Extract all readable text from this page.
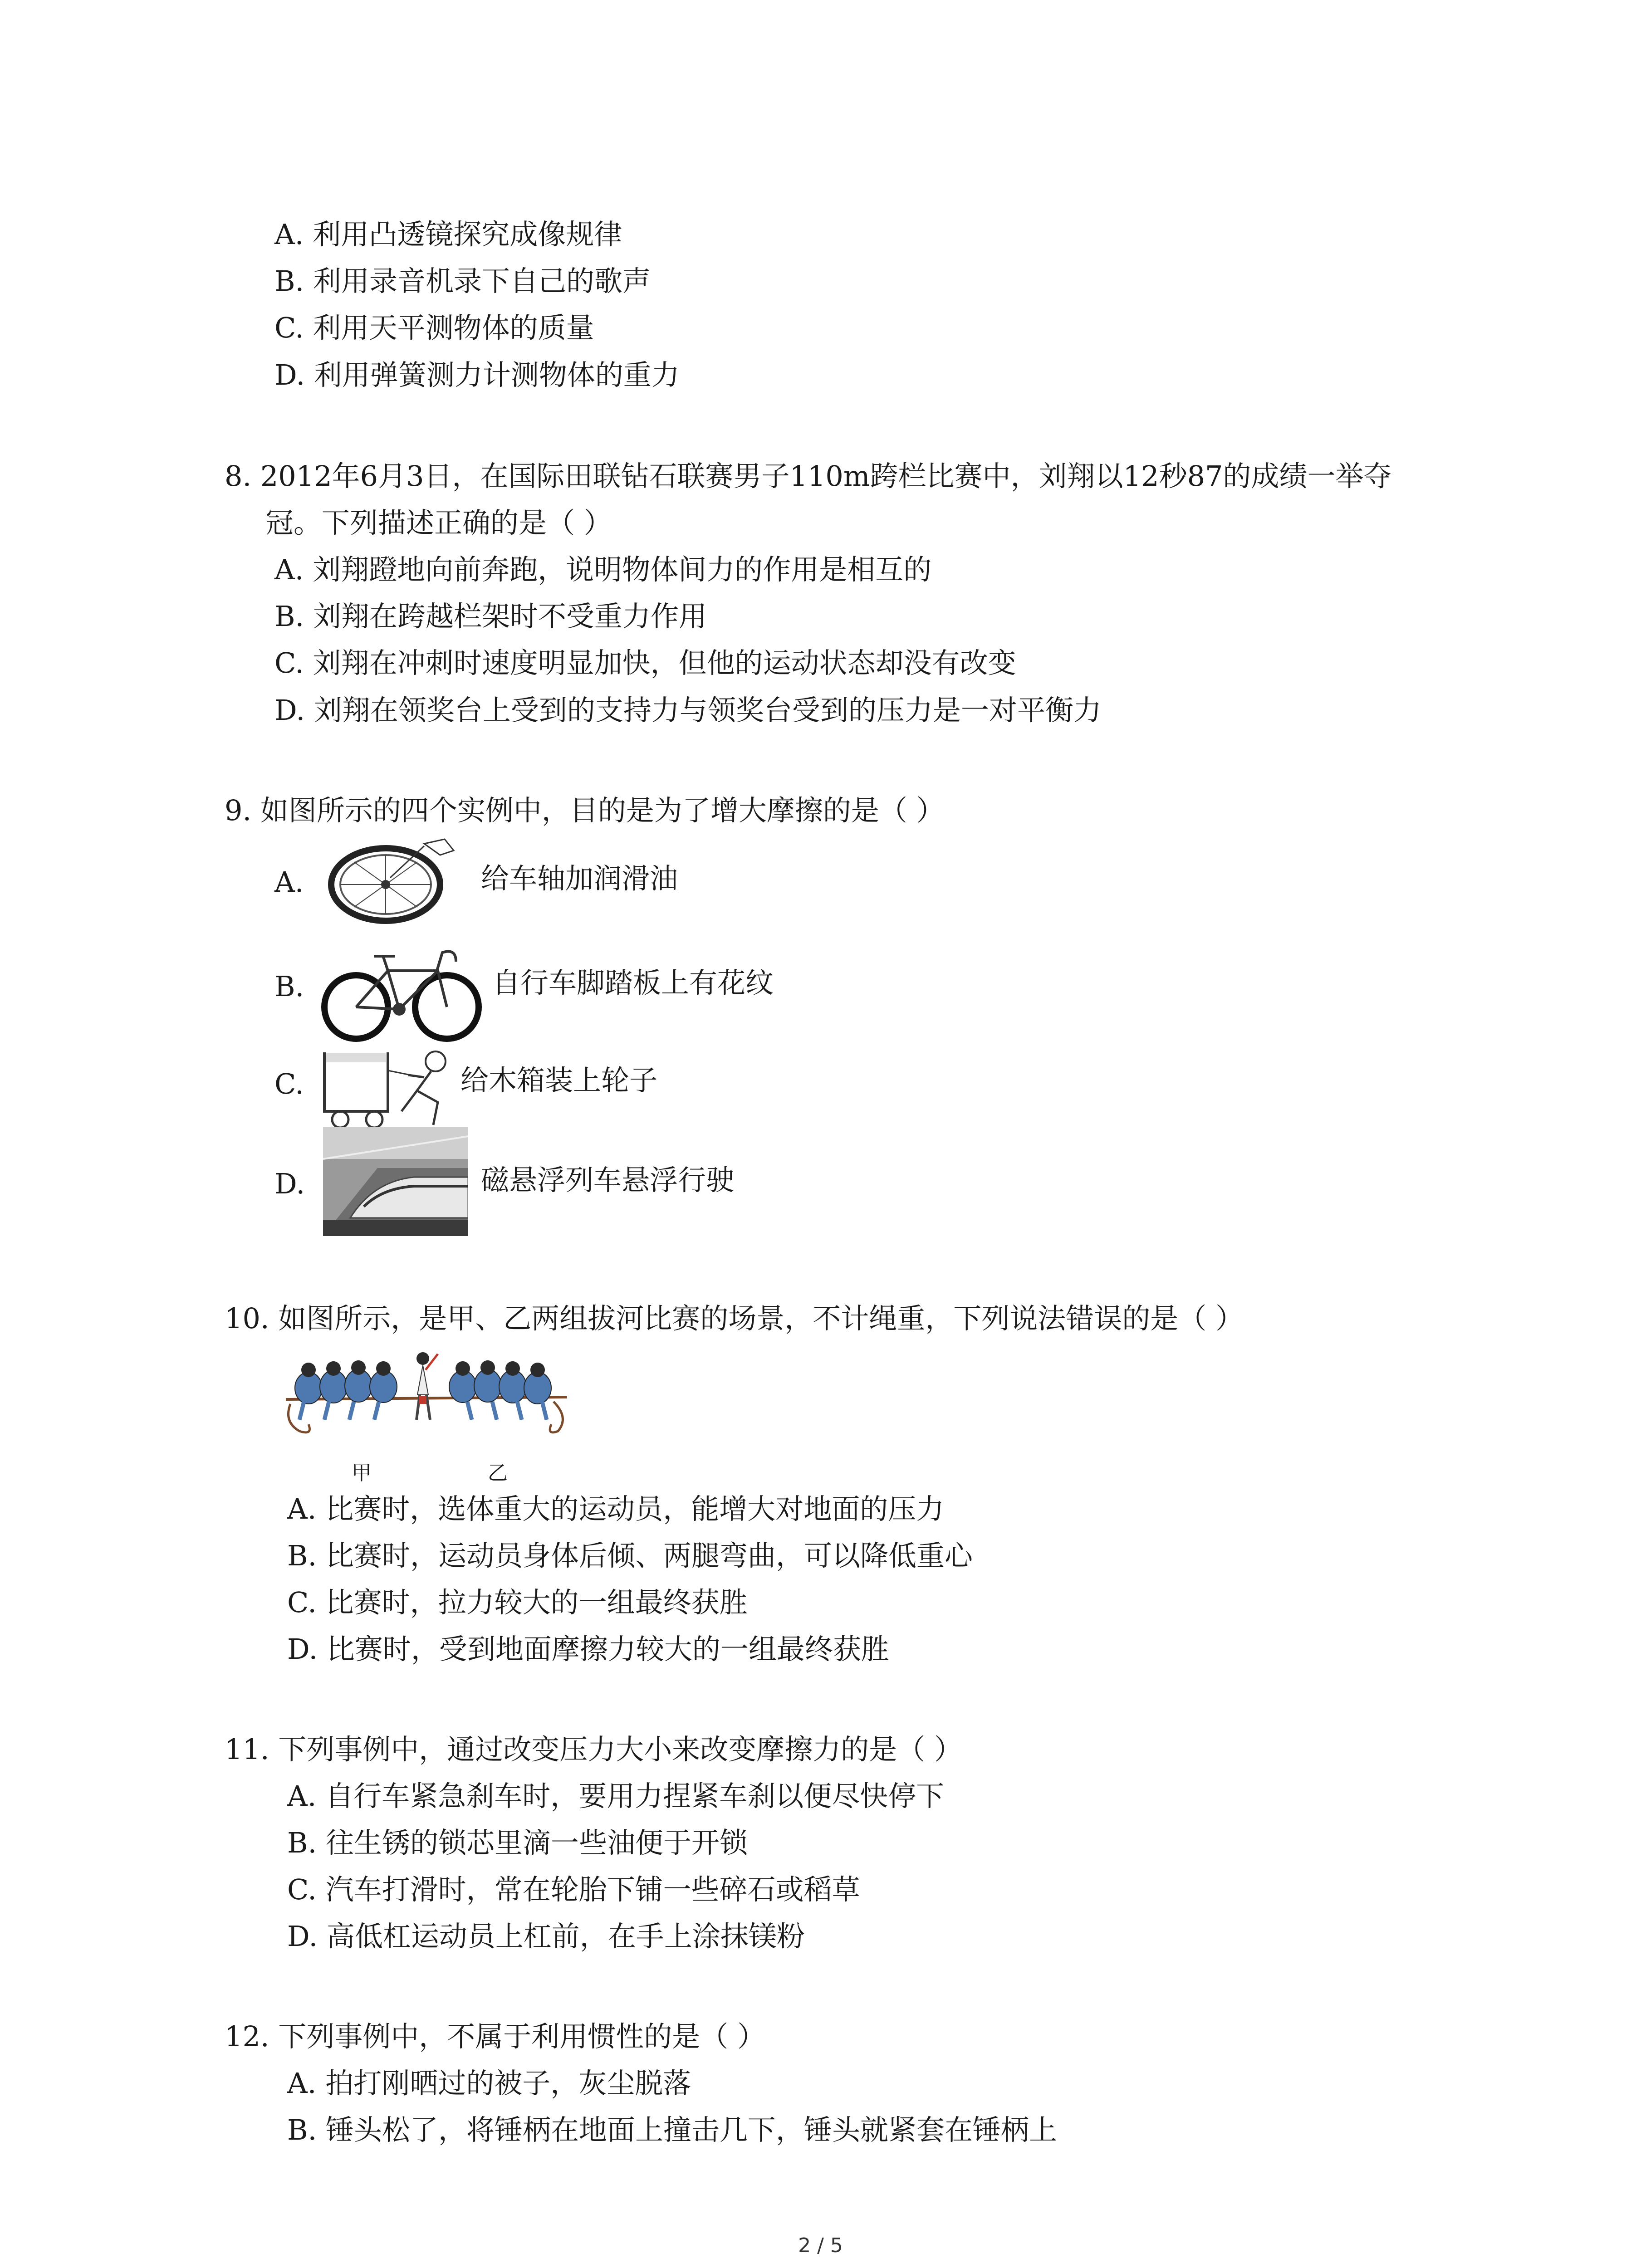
A. 利用凸透镜探究成像规律
B. 利用录音机录下自己的歌声
C. 利用天平测物体的质量
D. 利用弹簧测力计测物体的重力
8. 2012年6月3日，在国际田联钻石联赛男子110m跨栏比赛中，刘翔以12秒87的成绩一举夺
冠。下列描述正确的是（ ）
A. 刘翔蹬地向前奔跑，说明物体间力的作用是相互的
B. 刘翔在跨越栏架时不受重力作用
C. 刘翔在冲刺时速度明显加快，但他的运动状态却没有改变
D. 刘翔在领奖台上受到的支持力与领奖台受到的压力是一对平衡力
9. 如图所示的四个实例中，目的是为了增大摩擦的是（ ）
A.	给车轴加润滑油
B.	自行车脚踏板上有花纹
C.	给木箱装上轮子
D.	磁悬浮列车悬浮行驶
10. 如图所示，是甲、乙两组拔河比赛的场景，不计绳重，下列说法错误的是（ ）
甲	乙
A. 比赛时，选体重大的运动员，能增大对地面的压力
B. 比赛时，运动员身体后倾、两腿弯曲，可以降低重心
C. 比赛时，拉力较大的一组最终获胜
D. 比赛时，受到地面摩擦力较大的一组最终获胜
11. 下列事例中，通过改变压力大小来改变摩擦力的是（ ）
A. 自行车紧急刹车时，要用力捏紧车刹以便尽快停下
B. 往生锈的锁芯里滴一些油便于开锁
C. 汽车打滑时，常在轮胎下铺一些碎石或稻草
D. 高低杠运动员上杠前，在手上涂抹镁粉
12. 下列事例中，不属于利用惯性的是（ ）
A. 拍打刚晒过的被子，灰尘脱落
B. 锤头松了，将锤柄在地面上撞击几下，锤头就紧套在锤柄上
2 / 5
